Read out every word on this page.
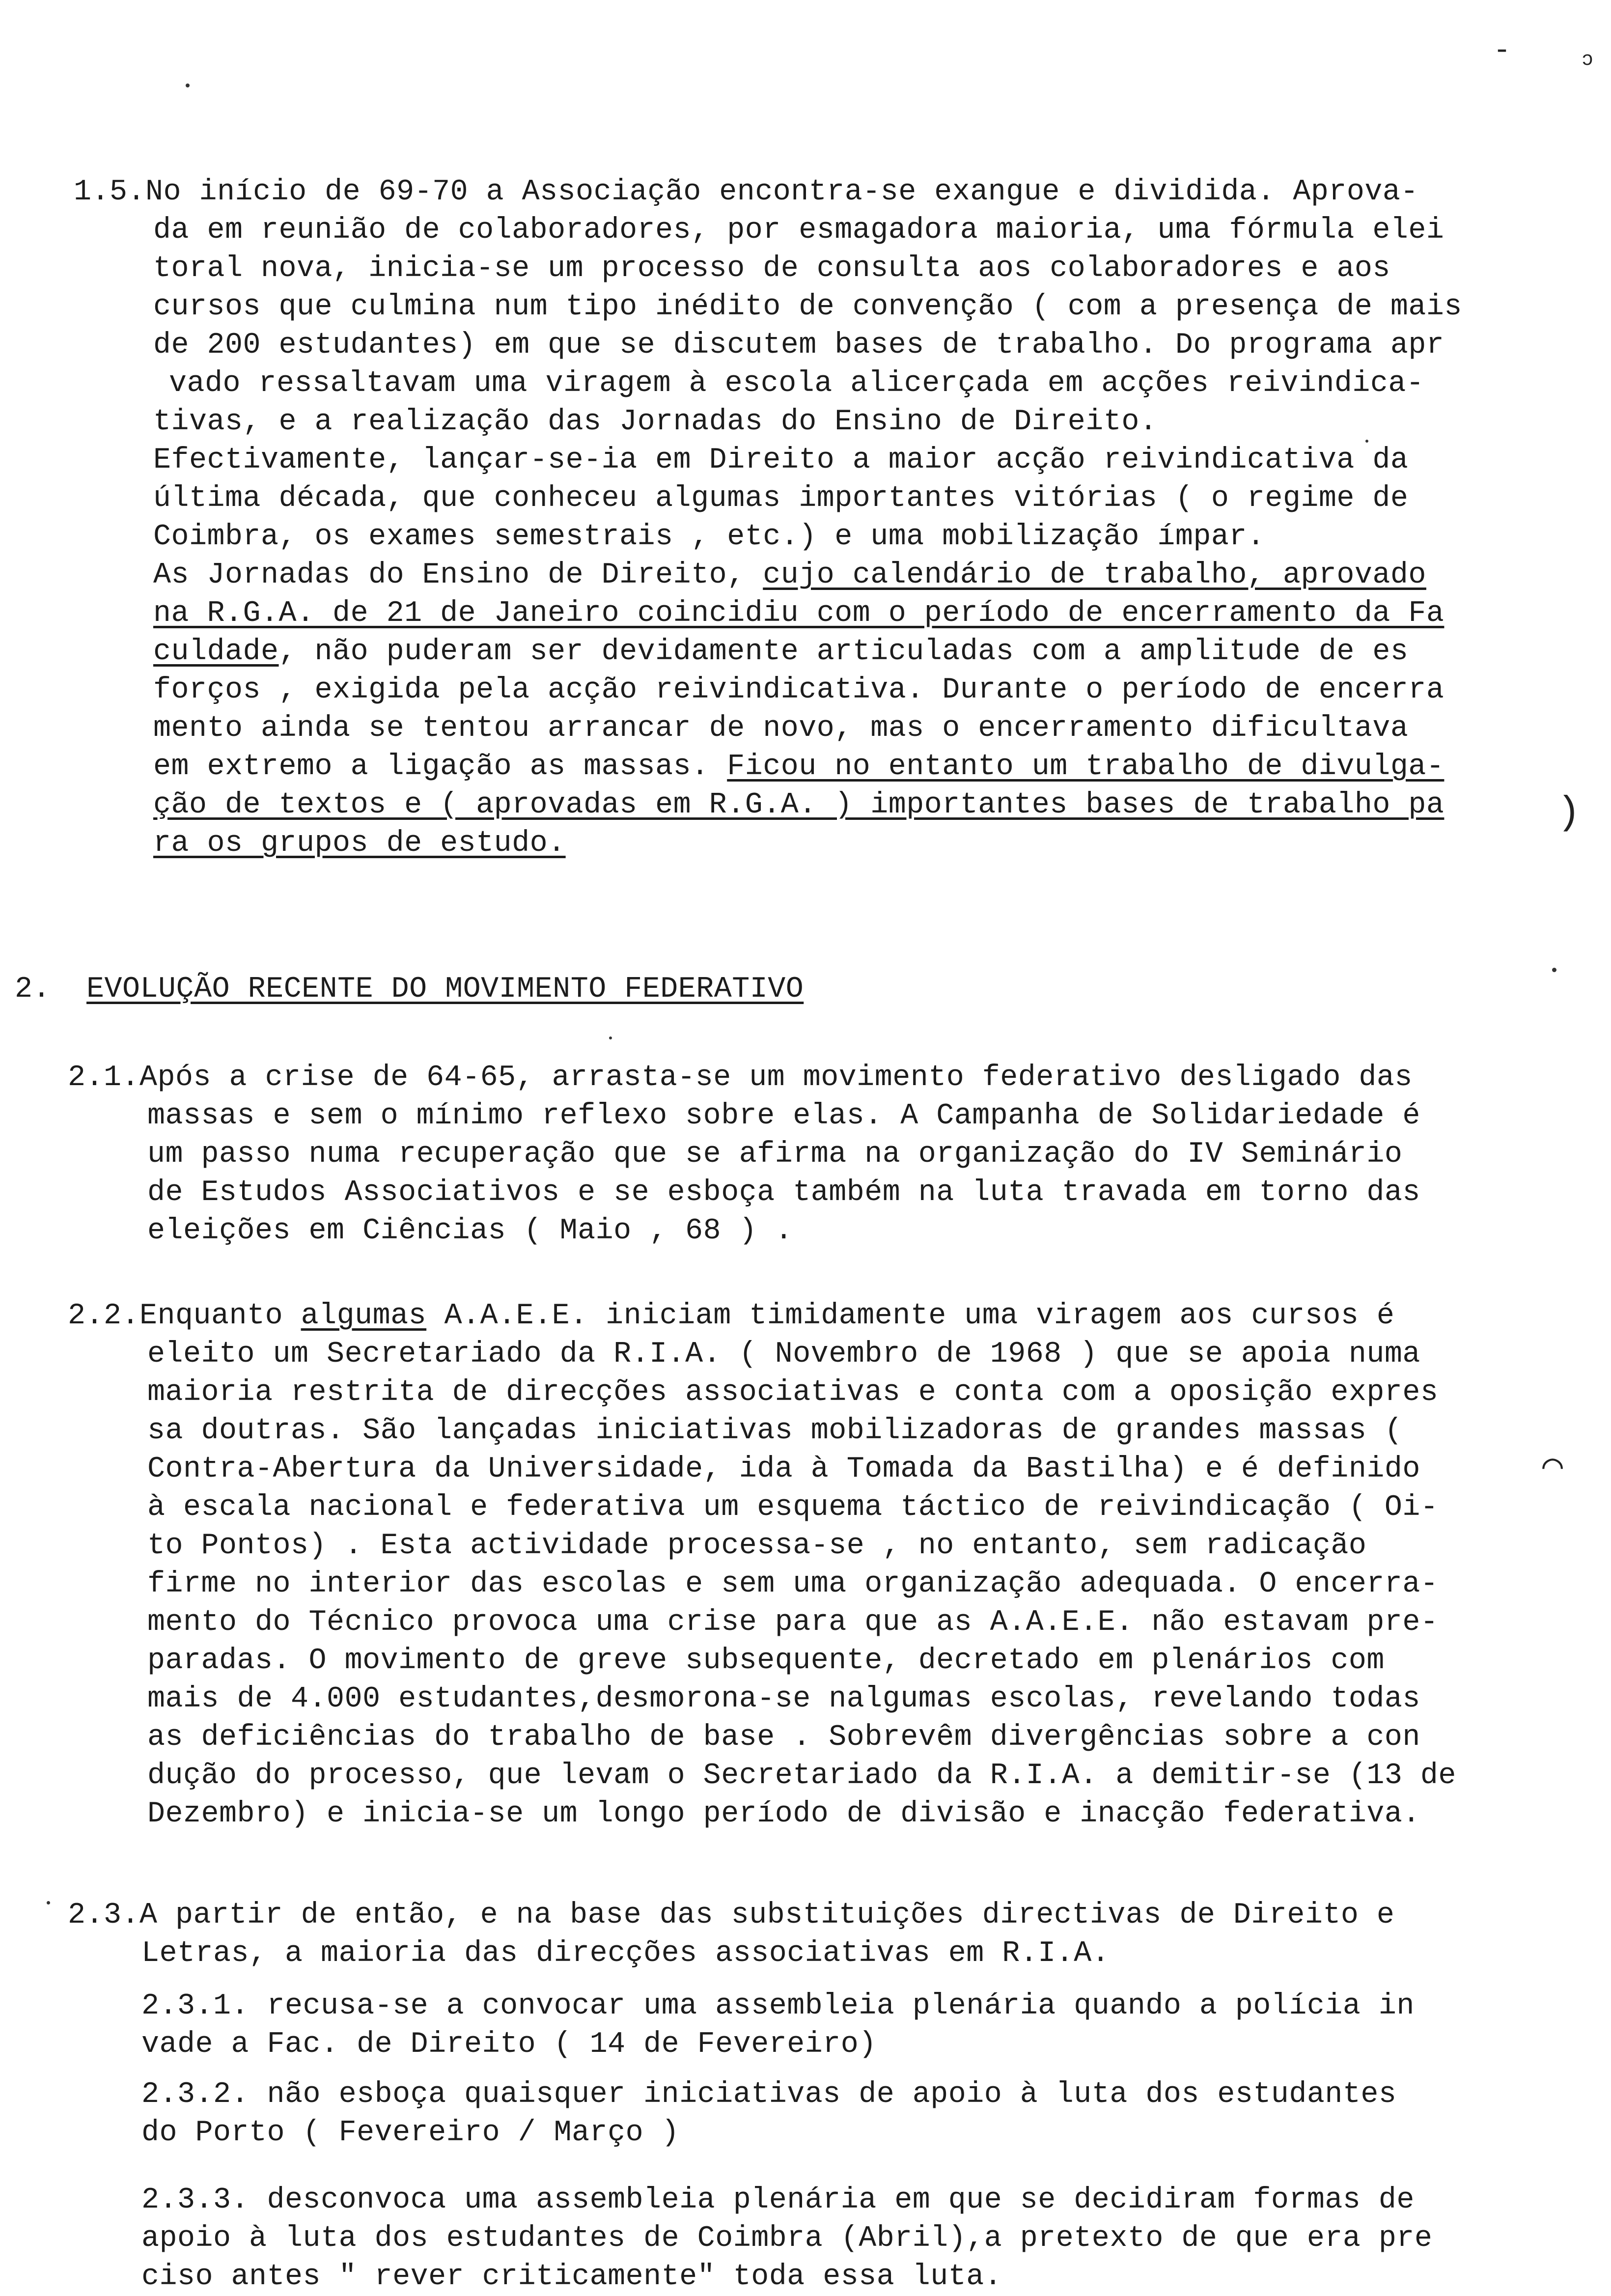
-	ɔ
1.5.No início de 69-70 a Associação encontra-se exangue e dividida. Aprova-
da em reunião de colaboradores, por esmagadora maioria, uma fórmula elei
toral nova, inicia-se um processo de consulta aos colaboradores e aos
cursos que culmina num tipo inédito de convenção ( com a presença de mais
de 200 estudantes) em que se discutem bases de trabalho. Do programa apr
vado ressaltavam uma viragem à escola alicerçada em acções reivindica-
tivas, e a realização das Jornadas do Ensino de Direito.
Efectivamente, lançar-se-ia em Direito a maior acção reivindicativa da
última década, que conheceu algumas importantes vitórias ( o regime de
Coimbra, os exames semestrais , etc.) e uma mobilização ímpar.
As Jornadas do Ensino de Direito, cujo calendário de trabalho, aprovado
na R.G.A. de 21 de Janeiro coincidiu com o período de encerramento da Fa
culdade, não puderam ser devidamente articuladas com a amplitude de es
forços , exigida pela acção reivindicativa. Durante o período de encerra
mento ainda se tentou arrancar de novo, mas o encerramento dificultava
em extremo a ligação as massas. Ficou no entanto um trabalho de divulga-
ção de textos e ( aprovadas em R.G.A. ) importantes bases de trabalho pa
ra os grupos de estudo.
)
2. EVOLUÇÃO RECENTE DO MOVIMENTO FEDERATIVO
2.1.Após a crise de 64-65, arrasta-se um movimento federativo desligado das
massas e sem o mínimo reflexo sobre elas. A Campanha de Solidariedade é
um passo numa recuperação que se afirma na organização do IV Seminário
de Estudos Associativos e se esboça também na luta travada em torno das
eleições em Ciências ( Maio , 68 ) .
2.2.Enquanto algumas A.A.E.E. iniciam timidamente uma viragem aos cursos é
eleito um Secretariado da R.I.A. ( Novembro de 1968 ) que se apoia numa
maioria restrita de direcções associativas e conta com a oposição expres
sa doutras. São lançadas iniciativas mobilizadoras de grandes massas (
Contra-Abertura da Universidade, ida à Tomada da Bastilha) e é definido
à escala nacional e federativa um esquema táctico de reivindicação ( Oi-
to Pontos) . Esta actividade processa-se , no entanto, sem radicação
firme no interior das escolas e sem uma organização adequada. O encerra-
mento do Técnico provoca uma crise para que as A.A.E.E. não estavam pre-
paradas. O movimento de greve subsequente, decretado em plenários com
mais de 4.000 estudantes,desmorona-se nalgumas escolas, revelando todas
as deficiências do trabalho de base . Sobrevêm divergências sobre a con
dução do processo, que levam o Secretariado da R.I.A. a demitir-se (13 de
Dezembro) e inicia-se um longo período de divisão e inacção federativa.
⌒
2.3.A partir de então, e na base das substituições directivas de Direito e
Letras, a maioria das direcções associativas em R.I.A.
2.3.1. recusa-se a convocar uma assembleia plenária quando a polícia in
vade a Fac. de Direito ( 14 de Fevereiro)
2.3.2. não esboça quaisquer iniciativas de apoio à luta dos estudantes
do Porto ( Fevereiro / Março )
2.3.3. desconvoca uma assembleia plenária em que se decidiram formas de
apoio à luta dos estudantes de Coimbra (Abril),a pretexto de que era pre
ciso antes " rever criticamente" toda essa luta.
